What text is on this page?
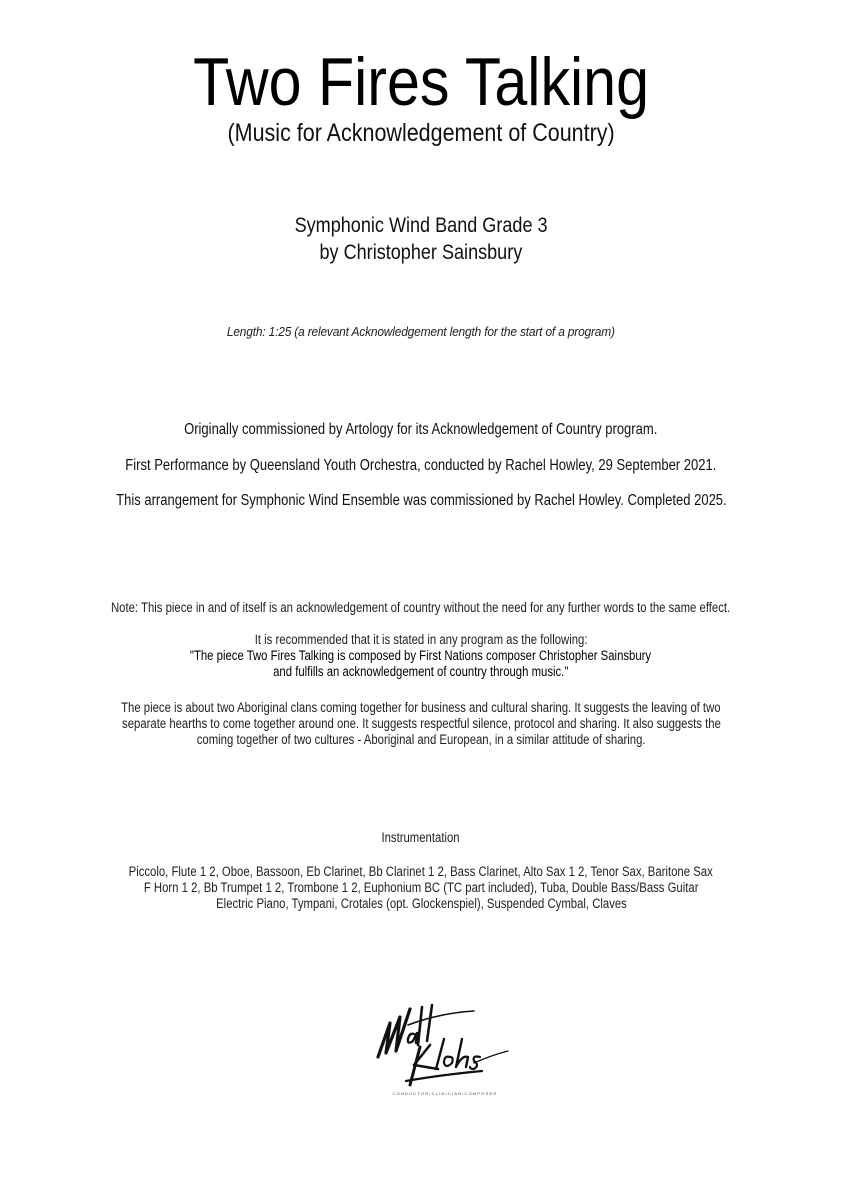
Two Fires Talking
(Music for Acknowledgement of Country)
Symphonic Wind Band Grade 3
by Christopher Sainsbury
Length: 1:25 (a relevant Acknowledgement length for the start of a program)
Originally commissioned by Artology for its Acknowledgement of Country program.
First Performance by Queensland Youth Orchestra, conducted by Rachel Howley, 29 September 2021.
This arrangement for Symphonic Wind Ensemble was commissioned by Rachel Howley. Completed 2025.
Note: This piece in and of itself is an acknowledgement of country without the need for any further words to the same effect.
It is recommended that it is stated in any program as the following:
"The piece Two Fires Talking is composed by First Nations composer Christopher Sainsbury
and fulfills an acknowledgement of country through music."
The piece is about two Aboriginal clans coming together for business and cultural sharing. It suggests the leaving of two
separate hearths to come together around one. It suggests respectful silence, protocol and sharing. It also suggests the
coming together of two cultures - Aboriginal and European, in a similar attitude of sharing.
Instrumentation
Piccolo, Flute 1 2, Oboe, Bassoon, Eb Clarinet, Bb Clarinet 1 2, Bass Clarinet, Alto Sax 1 2, Tenor Sax, Baritone Sax
F Horn 1 2, Bb Trumpet 1 2, Trombone 1 2, Euphonium BC (TC part included), Tuba, Double Bass/Bass Guitar
Electric Piano, Tympani, Crotales (opt. Glockenspiel), Suspended Cymbal, Claves
CONDUCTOR/CLINICIAN/COMPOSER
